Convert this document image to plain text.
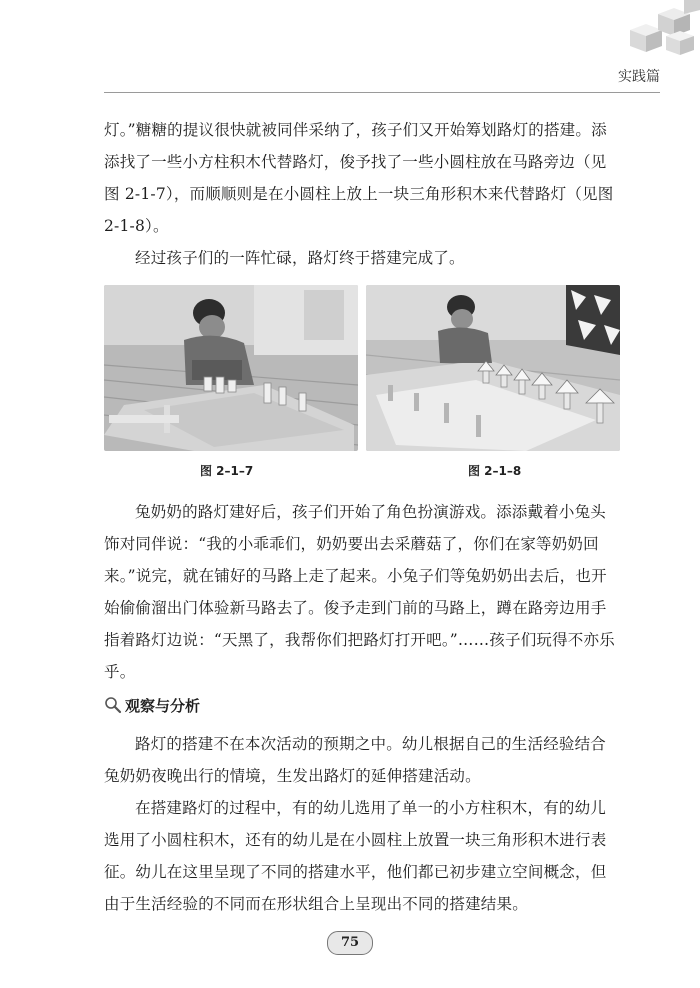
实践篇

灯。”糖糖的提议很快就被同伴采纳了，孩子们又开始筹划路灯的搭建。添添找了一些小方柱积木代替路灯，俊予找了一些小圆柱放在马路旁边（见图 2-1-7），而顺顺则是在小圆柱上放上一块三角形积木来代替路灯（见图 2-1-8）。

经过孩子们的一阵忙碌，路灯终于搭建完成了。

图 2–1–7	图 2–1–8

兔奶奶的路灯建好后，孩子们开始了角色扮演游戏。添添戴着小兔头饰对同伴说：“我的小乖乖们，奶奶要出去采蘑菇了，你们在家等奶奶回来。”说完，就在铺好的马路上走了起来。小兔子们等兔奶奶出去后，也开始偷偷溜出门体验新马路去了。俊予走到门前的马路上，蹲在路旁边用手指着路灯边说：“天黑了，我帮你们把路灯打开吧。”……孩子们玩得不亦乐乎。

观察与分析

路灯的搭建不在本次活动的预期之中。幼儿根据自己的生活经验结合兔奶奶夜晚出行的情境，生发出路灯的延伸搭建活动。

在搭建路灯的过程中，有的幼儿选用了单一的小方柱积木，有的幼儿选用了小圆柱积木，还有的幼儿是在小圆柱上放置一块三角形积木进行表征。幼儿在这里呈现了不同的搭建水平，他们都已初步建立空间概念，但由于生活经验的不同而在形状组合上呈现出不同的搭建结果。

75
